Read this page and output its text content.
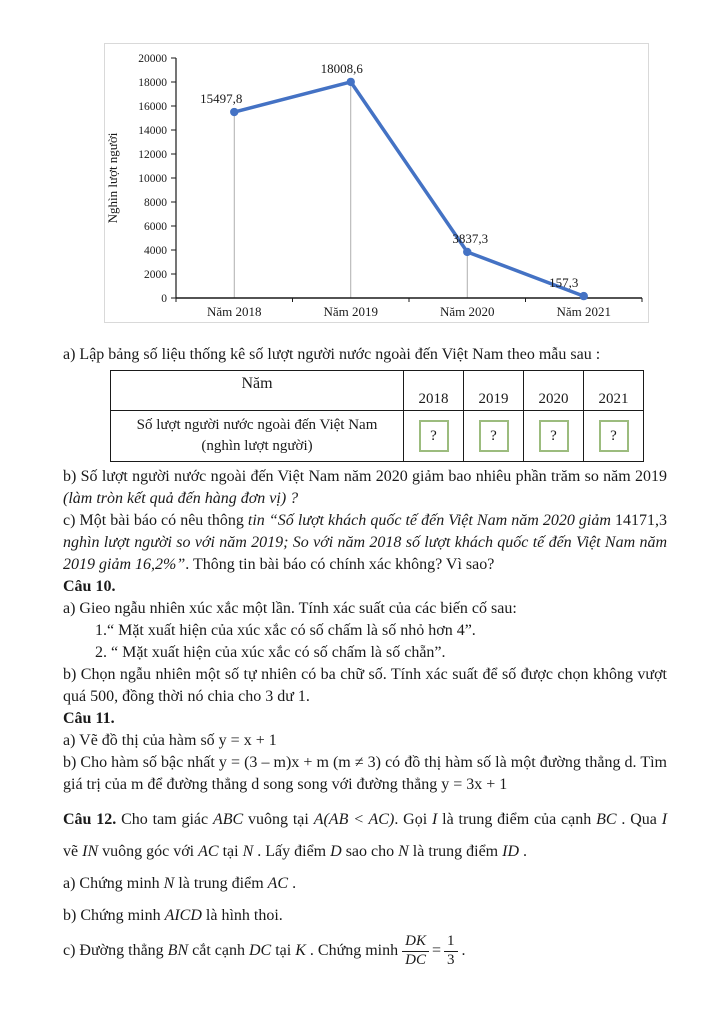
0
2000
4000
6000
8000
10000
12000
14000
16000
18000
20000
Năm 2018	Năm 2019	Năm 2020	Năm 2021
Nghìn lượt người
15497,8
18008,6
3837,3
157,3

a) Lập bảng số liệu thống kê số lượt người nước ngoài đến Việt Nam theo mẫu sau :

Năm	2018	2019	2020	2021

Số lượt người nước ngoài đến Việt Nam
(nghìn lượt người)	?	?	?	?

b) Số lượt người nước ngoài đến Việt Nam năm 2020 giảm bao nhiêu phần trăm so năm 2019 (làm tròn kết quả đến hàng đơn vị) ?

c) Một bài báo có nêu thông tin “Số lượt khách quốc tế đến Việt Nam năm 2020 giảm 14171,3 nghìn lượt người so với năm 2019; So với năm 2018 số lượt khách quốc tế đến Việt Nam năm 2019 giảm 16,2%”. Thông tin bài báo có chính xác không? Vì sao?

Câu 10.

a) Gieo ngẫu nhiên xúc xắc một lần. Tính xác suất của các biến cố sau:

1.“ Mặt xuất hiện của xúc xắc có số chấm là số nhỏ hơn 4”.

2. “ Mặt xuất hiện của xúc xắc có số chấm là số chẵn”.

b) Chọn ngẫu nhiên một số tự nhiên có ba chữ số. Tính xác suất để số được chọn không vượt quá 500, đồng thời nó chia cho 3 dư 1.

Câu 11.

a) Vẽ đồ thị của hàm số y = x + 1

b) Cho hàm số bậc nhất y = (3 – m)x + m (m ≠ 3) có đồ thị hàm số là một đường thẳng d. Tìm giá trị của m để đường thẳng d song song với đường thẳng y = 3x + 1

Câu 12. Cho tam giác ABC vuông tại A(AB < AC). Gọi I là trung điểm của cạnh BC . Qua I vẽ IN vuông góc với AC tại N . Lấy điểm D sao cho N là trung điểm ID .

a) Chứng minh N là trung điểm AC .

b) Chứng minh AICD là hình thoi.

c) Đường thẳng BN cắt cạnh DC tại K . Chứng minh $\frac{DK}{DC} = \frac{1}{3}$ .
